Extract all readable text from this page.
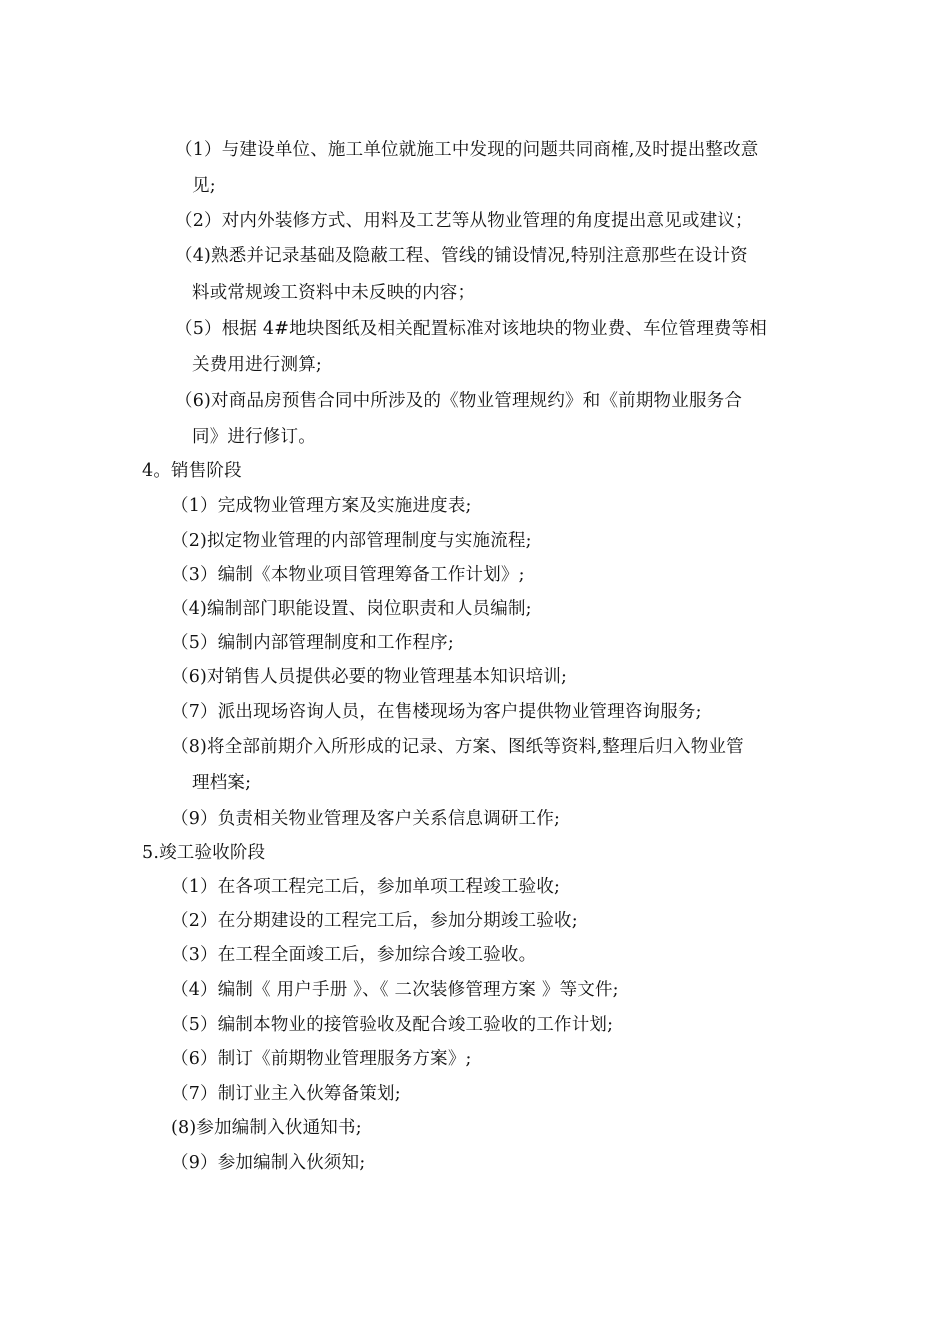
（1）与建设单位、施工单位就施工中发现的问题共同商榷,及时提出整改意
见;
（2）对内外装修方式、用料及工艺等从物业管理的角度提出意见或建议；
（4)熟悉并记录基础及隐蔽工程、管线的铺设情况,特别注意那些在设计资
料或常规竣工资料中未反映的内容；
（5）根据 4#地块图纸及相关配置标准对该地块的物业费、车位管理费等相
关费用进行测算;
（6)对商品房预售合同中所涉及的《物业管理规约》和《前期物业服务合
同》进行修订。
4。销售阶段
（1）完成物业管理方案及实施进度表;
（2)拟定物业管理的内部管理制度与实施流程;
（3）编制《本物业项目管理筹备工作计划》;
（4)编制部门职能设置、岗位职责和人员编制;
（5）编制内部管理制度和工作程序;
（6)对销售人员提供必要的物业管理基本知识培训;
（7）派出现场咨询人员，在售楼现场为客户提供物业管理咨询服务;
（8)将全部前期介入所形成的记录、方案、图纸等资料,整理后归入物业管
理档案;
（9）负责相关物业管理及客户关系信息调研工作;
5.竣工验收阶段
（1）在各项工程完工后，参加单项工程竣工验收;
（2）在分期建设的工程完工后，参加分期竣工验收;
（3）在工程全面竣工后，参加综合竣工验收。
（4）编制《 用户手册 》、《 二次装修管理方案 》等文件;
（5）编制本物业的接管验收及配合竣工验收的工作计划;
（6）制订《前期物业管理服务方案》;
（7）制订业主入伙筹备策划;
(8)参加编制入伙通知书;
（9）参加编制入伙须知;
